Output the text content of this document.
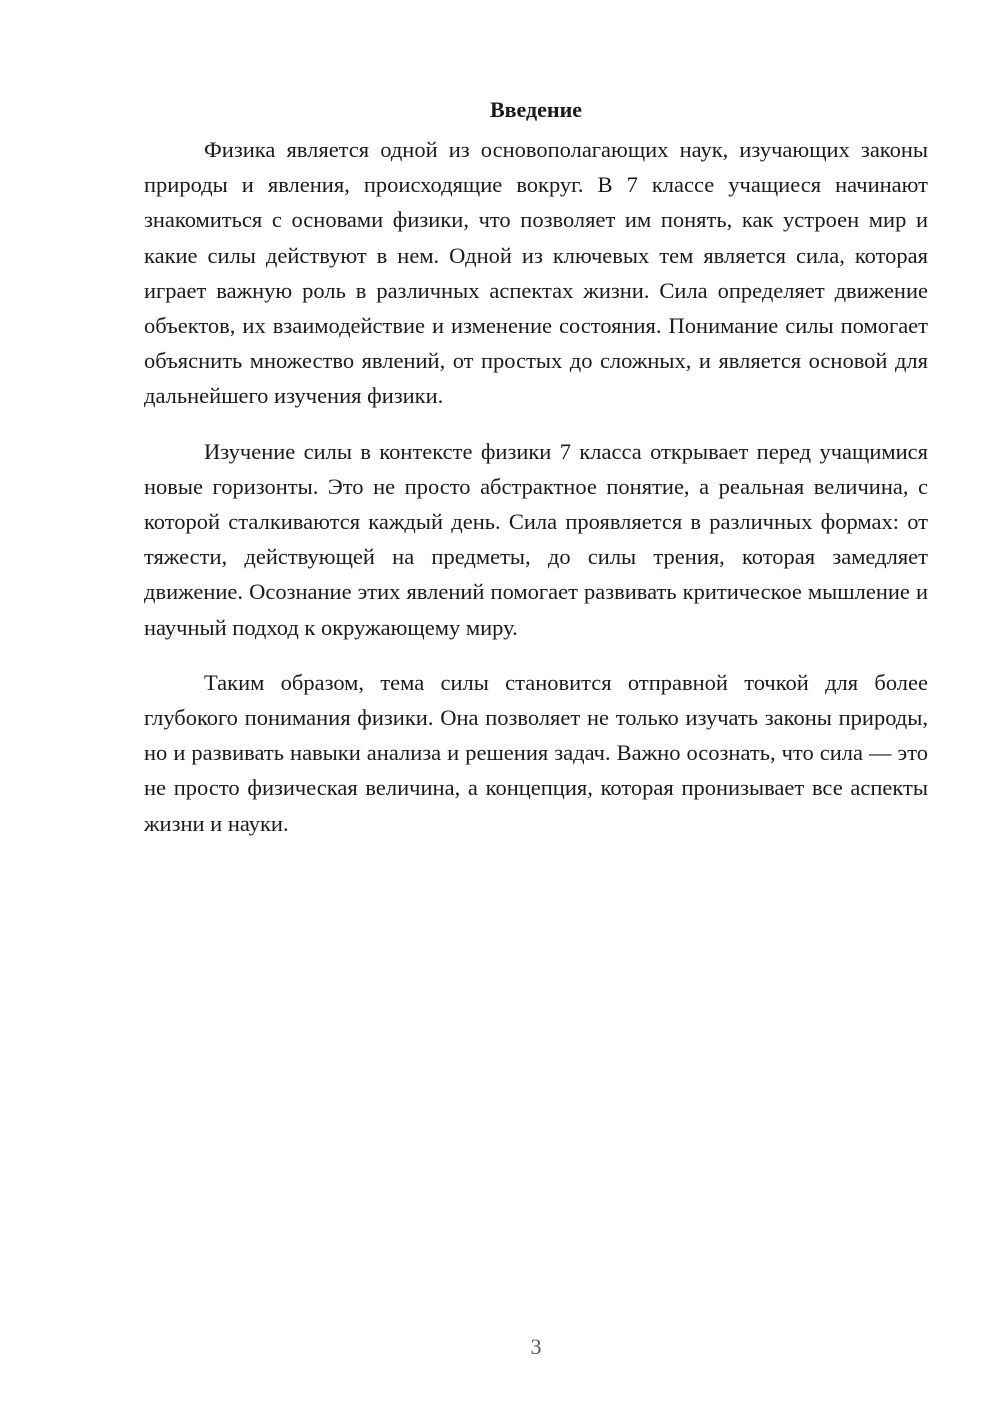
Введение

Физика является одной из основополагающих наук, изучающих законы природы и явления, происходящие вокруг. В 7 классе учащиеся начинают знакомиться с основами физики, что позволяет им понять, как устроен мир и какие силы действуют в нем. Одной из ключевых тем является сила, которая играет важную роль в различных аспектах жизни. Сила определяет движение объектов, их взаимодействие и изменение состояния. Понимание силы помогает объяснить множество явлений, от простых до сложных, и является основой для дальнейшего изучения физики.

Изучение силы в контексте физики 7 класса открывает перед учащимися новые горизонты. Это не просто абстрактное понятие, а реальная величина, с которой сталкиваются каждый день. Сила проявляется в различных формах: от тяжести, действующей на предметы, до силы трения, которая замедляет движение. Осознание этих явлений помогает развивать критическое мышление и научный подход к окружающему миру.

Таким образом, тема силы становится отправной точкой для более глубокого понимания физики. Она позволяет не только изучать законы природы, но и развивать навыки анализа и решения задач. Важно осознать, что сила — это не просто физическая величина, а концепция, которая пронизывает все аспекты жизни и науки.

3
